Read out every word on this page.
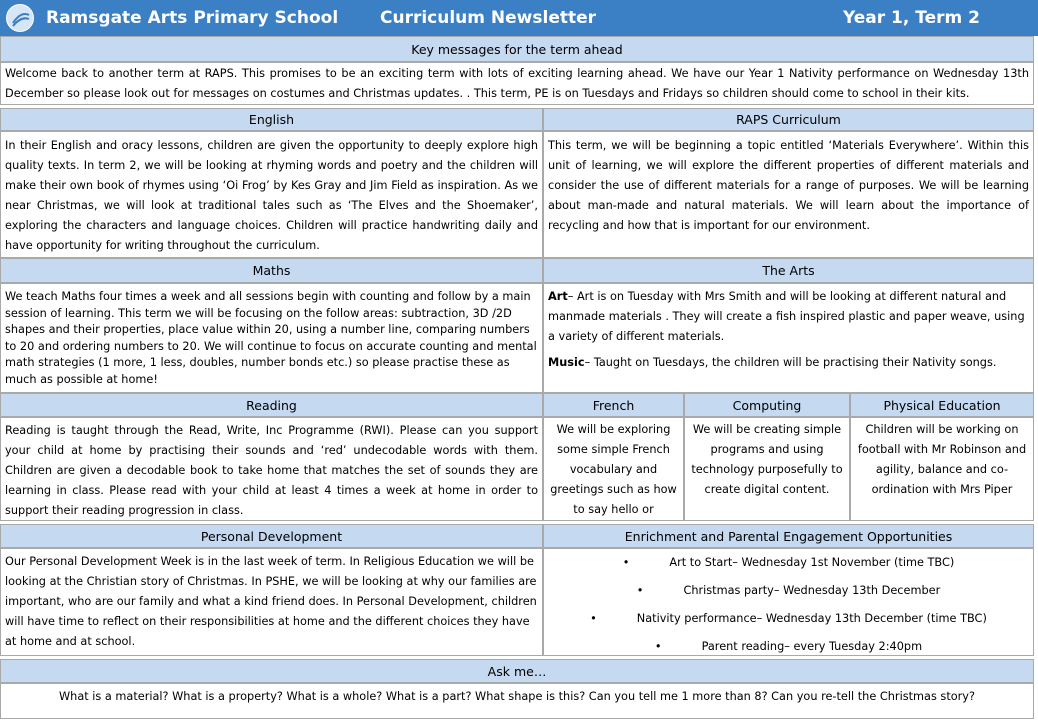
Ramsgate Arts Primary School Curriculum Newsletter	Year 1, Term 2
Key messages for the term ahead
Welcome back to another term at RAPS. This promises to be an exciting term with lots of exciting learning ahead. We have our Year 1 Nativity performance on Wednesday 13th December so please look out for messages on costumes and Christmas updates. . This term, PE is on Tuesdays and Fridays so children should come to school in their kits.
English	RAPS Curriculum
In their English and oracy lessons, children are given the opportunity to deeply explore high quality texts. In term 2, we will be looking at rhyming words and poetry and the children will make their own book of rhymes using ‘Oi Frog’ by Kes Gray and Jim Field as inspiration. As we near Christmas, we will look at traditional tales such as ‘The Elves and the Shoemaker’, exploring the characters and language choices. Children will practice handwriting daily and have opportunity for writing throughout the curriculum.
This term, we will be beginning a topic entitled ‘Materials Everywhere’. Within this unit of learning, we will explore the different properties of different materials and consider the use of different materials for a range of purposes. We will be learning about man-made and natural materials. We will learn about the importance of recycling and how that is important for our environment.
Maths	The Arts
We teach Maths four times a week and all sessions begin with counting and follow by a main session of learning. This term we will be focusing on the follow areas: subtraction, 3D /2D shapes and their properties, place value within 20, using a number line, comparing numbers to 20 and ordering numbers to 20. We will continue to focus on accurate counting and mental math strategies (1 more, 1 less, doubles, number bonds etc.) so please practise these as much as possible at home!

Art– Art is on Tuesday with Mrs Smith and will be looking at different natural and manmade materials . They will create a fish inspired plastic and paper weave, using a variety of different materials.

Music– Taught on Tuesdays, the children will be practising their Nativity songs.

Reading	French	Computing	Physical Education
Reading is taught through the Read, Write, Inc Programme (RWI). Please can you support your child at home by practising their sounds and ‘red’ undecodable words with them. Children are given a decodable book to take home that matches the set of sounds they are learning in class. Please read with your child at least 4 times a week at home in order to support their reading progression in class.
We will be exploring some simple French vocabulary and greetings such as how to say hello or
We will be creating simple programs and using technology purposefully to create digital content.
Children will be working on football with Mr Robinson and agility, balance and co- ordination with Mrs Piper
Personal Development	Enrichment and Parental Engagement Opportunities
Our Personal Development Week is in the last week of term. In Religious Education we will be looking at the Christian story of Christmas. In PSHE, we will be looking at why our families are important, who are our family and what a kind friend does. In Personal Development, children will have time to reflect on their responsibilities at home and the different choices they have at home and at school.
•	Art to Start– Wednesday 1st November (time TBC)
•	Christmas party– Wednesday 13th December
•	Nativity performance– Wednesday 13th December (time TBC)
•	Parent reading– every Tuesday 2:40pm
Ask me…
What is a material? What is a property? What is a whole? What is a part? What shape is this? Can you tell me 1 more than 8? Can you re-tell the Christmas story?
